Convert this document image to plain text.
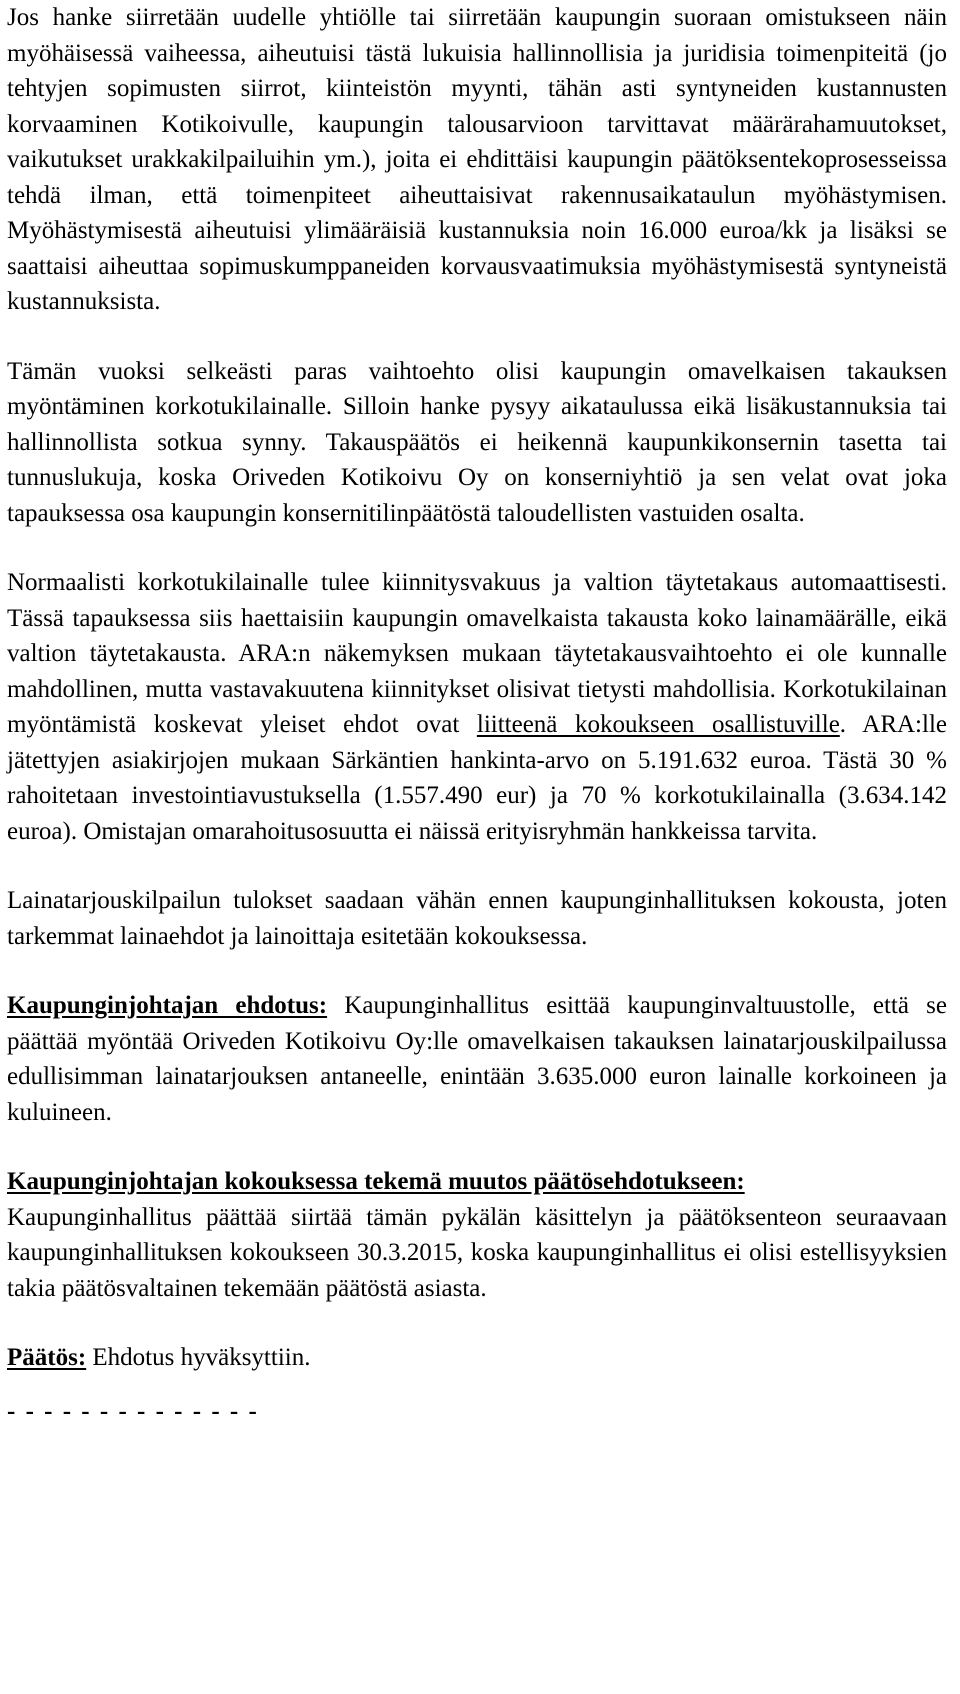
Jos hanke siirretään uudelle yhtiölle tai siirretään kaupungin suoraan omistukseen näin myöhäisessä vaiheessa, aiheutuisi tästä lukuisia hallinnollisia ja juridisia toimenpiteitä (jo tehtyjen sopimusten siirrot, kiinteistön myynti, tähän asti syntyneiden kustannusten korvaaminen Kotikoivulle, kaupungin talousarvioon tarvittavat määrärahamuutokset, vaikutukset urakkakilpailuihin ym.), joita ei ehdittäisi kaupungin päätöksentekoprosesseissa tehdä ilman, että toimenpiteet aiheuttaisivat rakennusaikataulun myöhästymisen. Myöhästymisestä aiheutuisi ylimääräisiä kustannuksia noin 16.000 euroa/kk ja lisäksi se saattaisi aiheuttaa sopimuskumppaneiden korvausvaatimuksia myöhästymisestä syntyneistä kustannuksista.

Tämän vuoksi selkeästi paras vaihtoehto olisi kaupungin omavelkaisen takauksen myöntäminen korkotukilainalle. Silloin hanke pysyy aikataulussa eikä lisäkustannuksia tai hallinnollista sotkua synny. Takauspäätös ei heikennä kaupunkikonsernin tasetta tai tunnuslukuja, koska Oriveden Kotikoivu Oy on konserniyhtiö ja sen velat ovat joka tapauksessa osa kaupungin konsernitilinpäätöstä taloudellisten vastuiden osalta.

Normaalisti korkotukilainalle tulee kiinnitysvakuus ja valtion täytetakaus automaattisesti. Tässä tapauksessa siis haettaisiin kaupungin omavelkaista takausta koko lainamäärälle, eikä valtion täytetakausta. ARA:n näkemyksen mukaan täytetakausvaihtoehto ei ole kunnalle mahdollinen, mutta vastavakuutena kiinnitykset olisivat tietysti mahdollisia. Korkotukilainan myöntämistä koskevat yleiset ehdot ovat liitteenä kokoukseen osallistuville. ARA:lle jätettyjen asiakirjojen mukaan Särkäntien hankinta-arvo on 5.191.632 euroa. Tästä 30 % rahoitetaan investointiavustuksella (1.557.490 eur) ja 70 % korkotukilainalla (3.634.142 euroa). Omistajan omarahoitusosuutta ei näissä erityisryhmän hankkeissa tarvita.

Lainatarjouskilpailun tulokset saadaan vähän ennen kaupunginhallituksen kokousta, joten tarkemmat lainaehdot ja lainoittaja esitetään kokouksessa.

Kaupunginjohtajan ehdotus: Kaupunginhallitus esittää kaupunginvaltuustolle, että se päättää myöntää Oriveden Kotikoivu Oy:lle omavelkaisen takauksen lainatarjouskilpailussa edullisimman lainatarjouksen antaneelle, enintään 3.635.000 euron lainalle korkoineen ja kuluineen.

Kaupunginjohtajan kokouksessa tekemä muutos päätösehdotukseen:
Kaupunginhallitus päättää siirtää tämän pykälän käsittelyn ja päätöksenteon seuraavaan kaupunginhallituksen kokoukseen 30.3.2015, koska kaupunginhallitus ei olisi estellisyyksien takia päätösvaltainen tekemään päätöstä asiasta.

Päätös: Ehdotus hyväksyttiin.

- - - - - - - - - - - - - -
